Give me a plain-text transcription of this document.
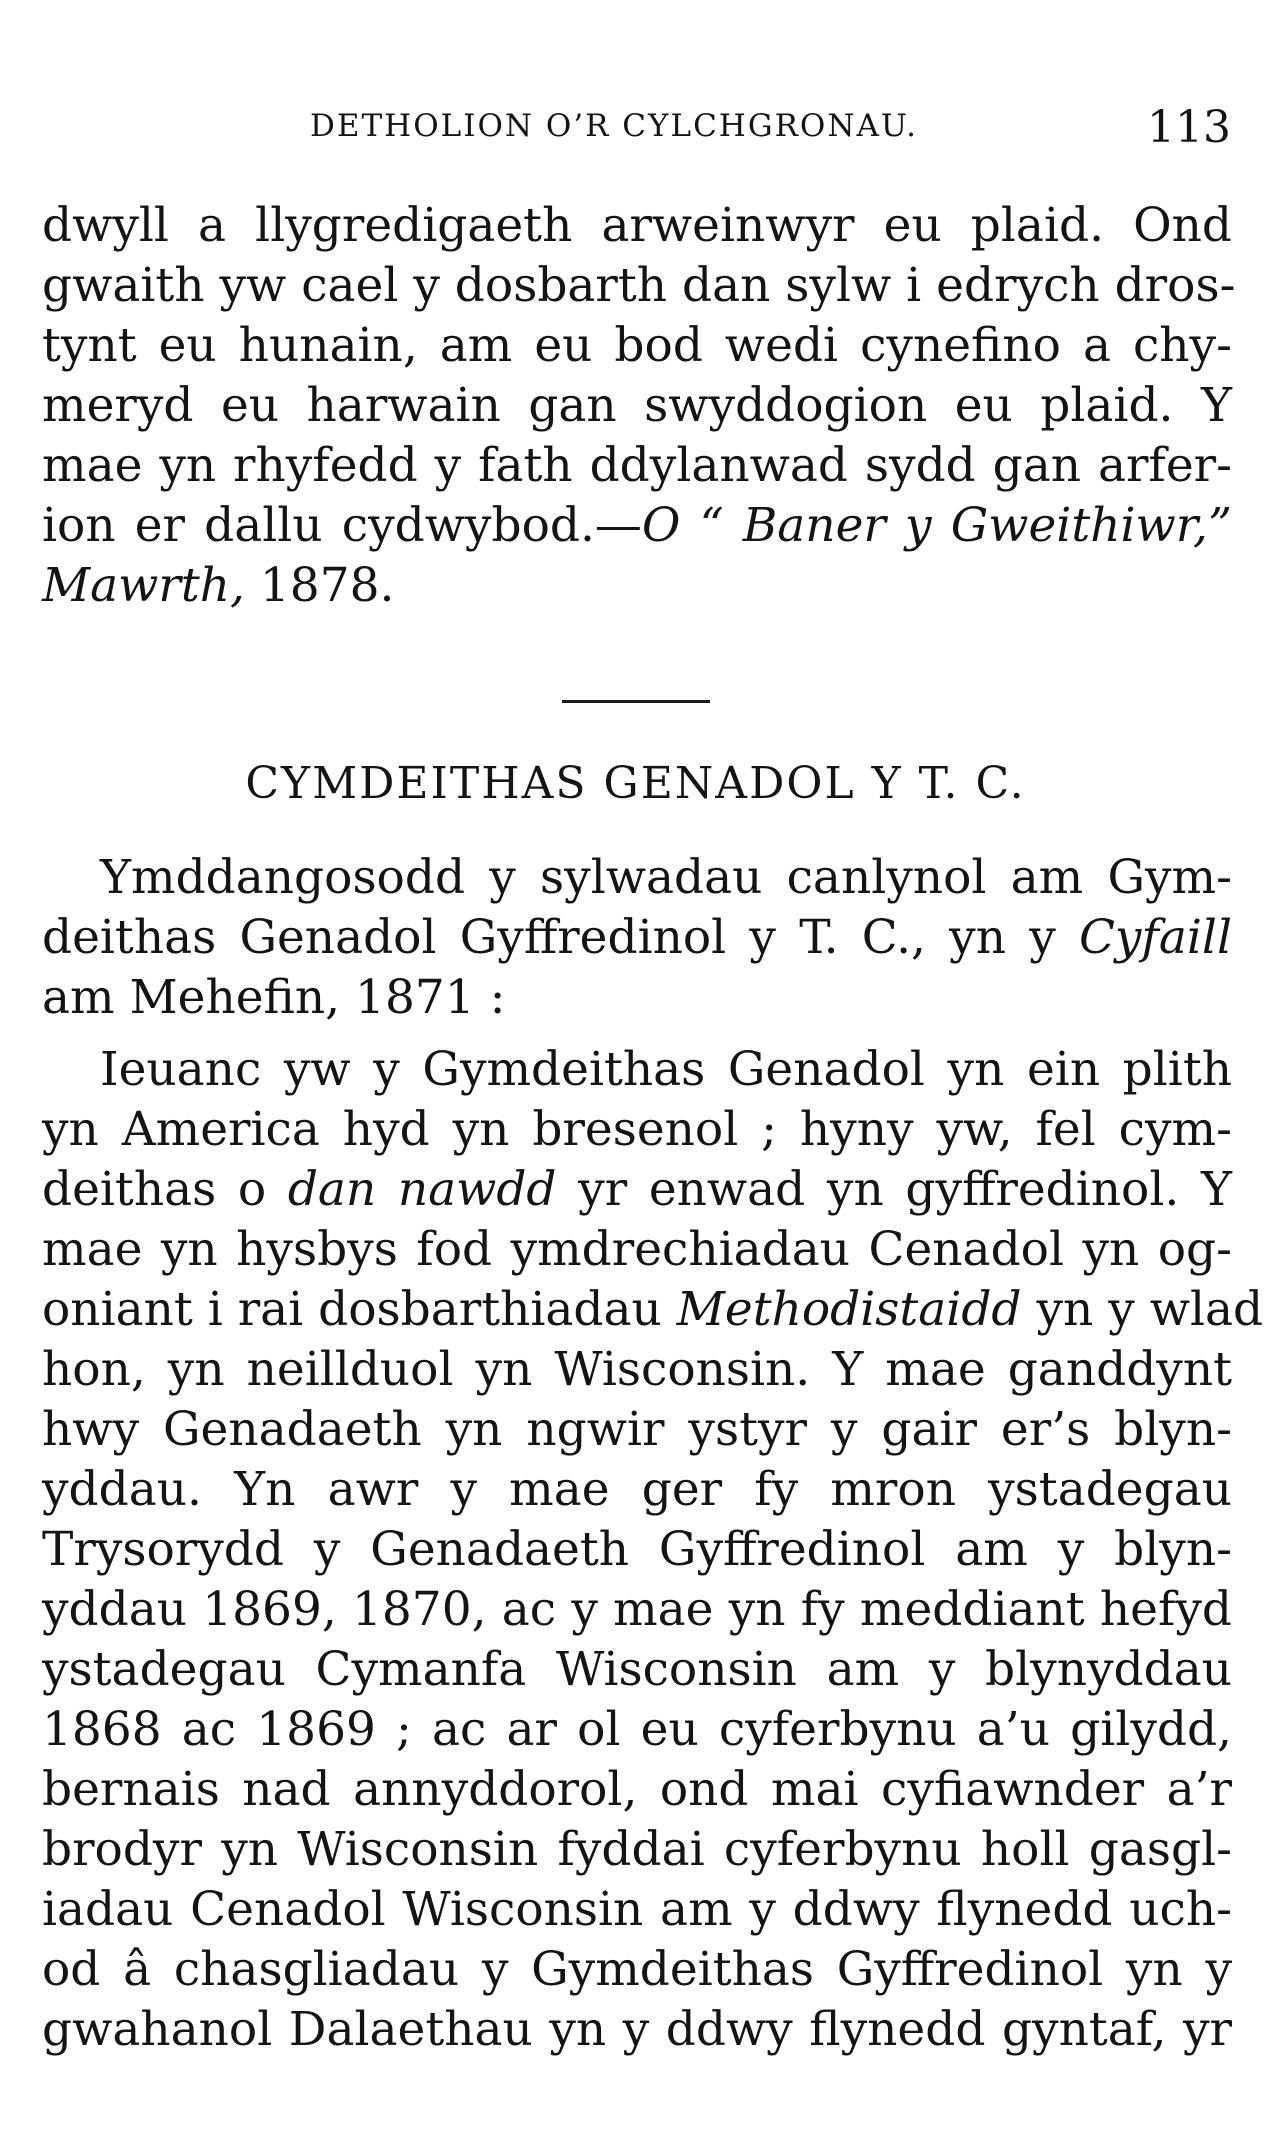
DETHOLION O’R CYLCHGRONAU.	113
dwyll a llygredigaeth arweinwyr eu plaid. Ond
gwaith yw cael y dosbarth dan sylw i edrych dros-
tynt eu hunain, am eu bod wedi cynefino a chy-
meryd eu harwain gan swyddogion eu plaid. Y
mae yn rhyfedd y fath ddylanwad sydd gan arfer-
ion er dallu cydwybod.—O “ Baner y Gweithiwr,”
Mawrth, 1878.
CYMDEITHAS GENADOL Y T. C.
Ymddangosodd y sylwadau canlynol am Gym-
deithas Genadol Gyffredinol y T. C., yn y Cyfaill
am Mehefin, 1871 :
Ieuanc yw y Gymdeithas Genadol yn ein plith
yn America hyd yn bresenol ; hyny yw, fel cym-
deithas o dan nawdd yr enwad yn gyffredinol. Y
mae yn hysbys fod ymdrechiadau Cenadol yn og-
oniant i rai dosbarthiadau Methodistaidd yn y wlad
hon, yn neillduol yn Wisconsin. Y mae ganddynt
hwy Genadaeth yn ngwir ystyr y gair er’s blyn-
yddau. Yn awr y mae ger fy mron ystadegau
Trysorydd y Genadaeth Gyffredinol am y blyn-
yddau 1869, 1870, ac y mae yn fy meddiant hefyd
ystadegau Cymanfa Wisconsin am y blynyddau
1868 ac 1869 ; ac ar ol eu cyferbynu a’u gilydd,
bernais nad annyddorol, ond mai cyfiawnder a’r
brodyr yn Wisconsin fyddai cyferbynu holl gasgl-
iadau Cenadol Wisconsin am y ddwy flynedd uch-
od â chasgliadau y Gymdeithas Gyffredinol yn y
gwahanol Dalaethau yn y ddwy flynedd gyntaf, yr
